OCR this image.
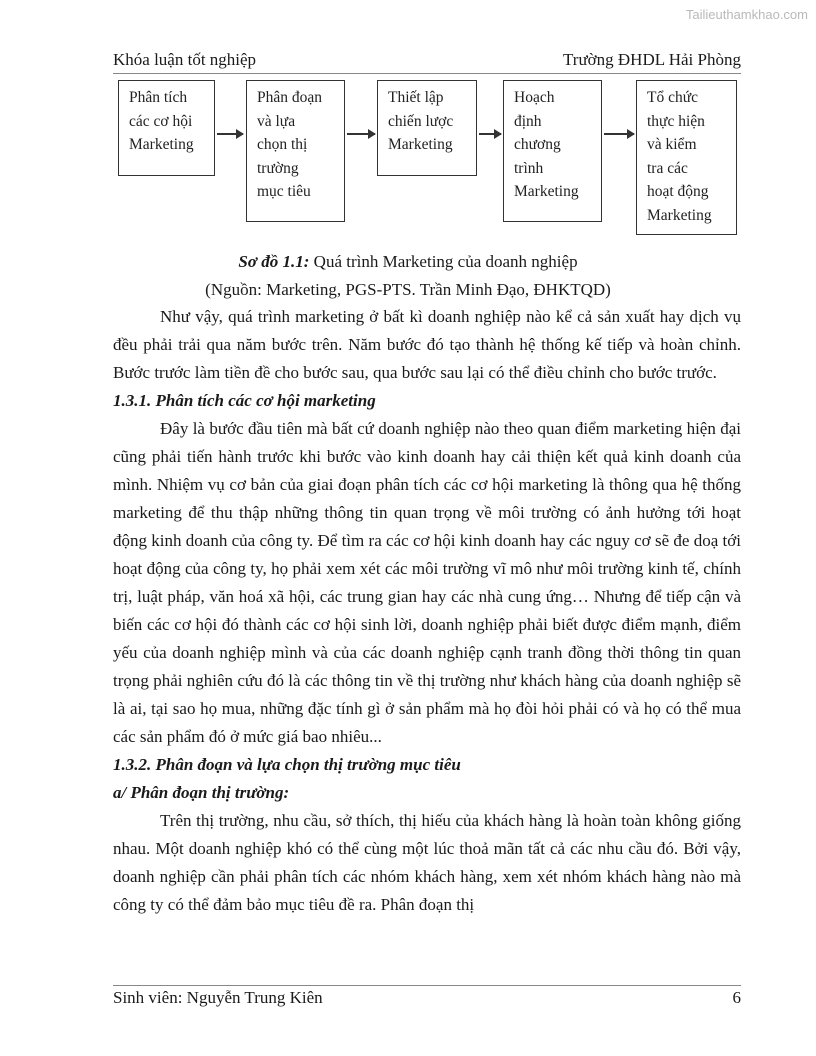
Tailieuthamkhao.com
Khóa luận tốt nghiệp	Trường ĐHDL Hải Phòng
Phân tích
các cơ hội
Marketing
Phân đoạn
và lựa
chọn thị
trường
mục tiêu
Thiết lập
chiến lược
Marketing
Hoạch
định
chương
trình
Marketing
Tổ chức
thực hiện
và kiểm
tra các
hoạt động
Marketing
Sơ đồ 1.1: Quá trình Marketing của doanh nghiệp
(Nguồn: Marketing, PGS-PTS. Trần Minh Đạo, ĐHKTQD)

Như vậy, quá trình marketing ở bất kì doanh nghiệp nào kể cả sản xuất hay dịch vụ đều phải trải qua năm bước trên. Năm bước đó tạo thành hệ thống kế tiếp và hoàn chỉnh. Bước trước làm tiền đề cho bước sau, qua bước sau lại có thể điều chỉnh cho bước trước.

1.3.1. Phân tích các cơ hội marketing

Đây là bước đầu tiên mà bất cứ doanh nghiệp nào theo quan điểm marketing hiện đại cũng phải tiến hành trước khi bước vào kinh doanh hay cải thiện kết quả kinh doanh của mình. Nhiệm vụ cơ bản của giai đoạn phân tích các cơ hội marketing là thông qua hệ thống marketing để thu thập những thông tin quan trọng về môi trường có ảnh hưởng tới hoạt động kinh doanh của công ty. Để tìm ra các cơ hội kinh doanh hay các nguy cơ sẽ đe doạ tới hoạt động của công ty, họ phải xem xét các môi trường vĩ mô như môi trường kinh tế, chính trị, luật pháp, văn hoá xã hội, các trung gian hay các nhà cung ứng… Nhưng để tiếp cận và biến các cơ hội đó thành các cơ hội sinh lời, doanh nghiệp phải biết được điểm mạnh, điểm yếu của doanh nghiệp mình và của các doanh nghiệp cạnh tranh đồng thời thông tin quan trọng phải nghiên cứu đó là các thông tin về thị trường như khách hàng của doanh nghiệp sẽ là ai, tại sao họ mua, những đặc tính gì ở sản phẩm mà họ đòi hỏi phải có và họ có thể mua các sản phẩm đó ở mức giá bao nhiêu...

1.3.2. Phân đoạn và lựa chọn thị trường mục tiêu

a/ Phân đoạn thị trường:

Trên thị trường, nhu cầu, sở thích, thị hiếu của khách hàng là hoàn toàn không giống nhau. Một doanh nghiệp khó có thể cùng một lúc thoả mãn tất cả các nhu cầu đó. Bởi vậy, doanh nghiệp cần phải phân tích các nhóm khách hàng, xem xét nhóm khách hàng nào mà công ty có thể đảm bảo mục tiêu đề ra. Phân đoạn thị

Sinh viên: Nguyễn Trung Kiên	6
